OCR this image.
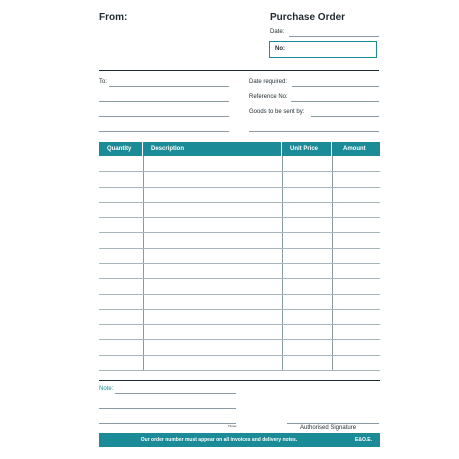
From:	Purchase Order
Date:
No:
To:	Date required:
Reference No:
Goods to be sent by:
Quantity	Description	Unit Price	Amount
Note:
Tinrae	Authorised Signature
Our order number must appear on all invoices and delivery notes.	E&O.E.
